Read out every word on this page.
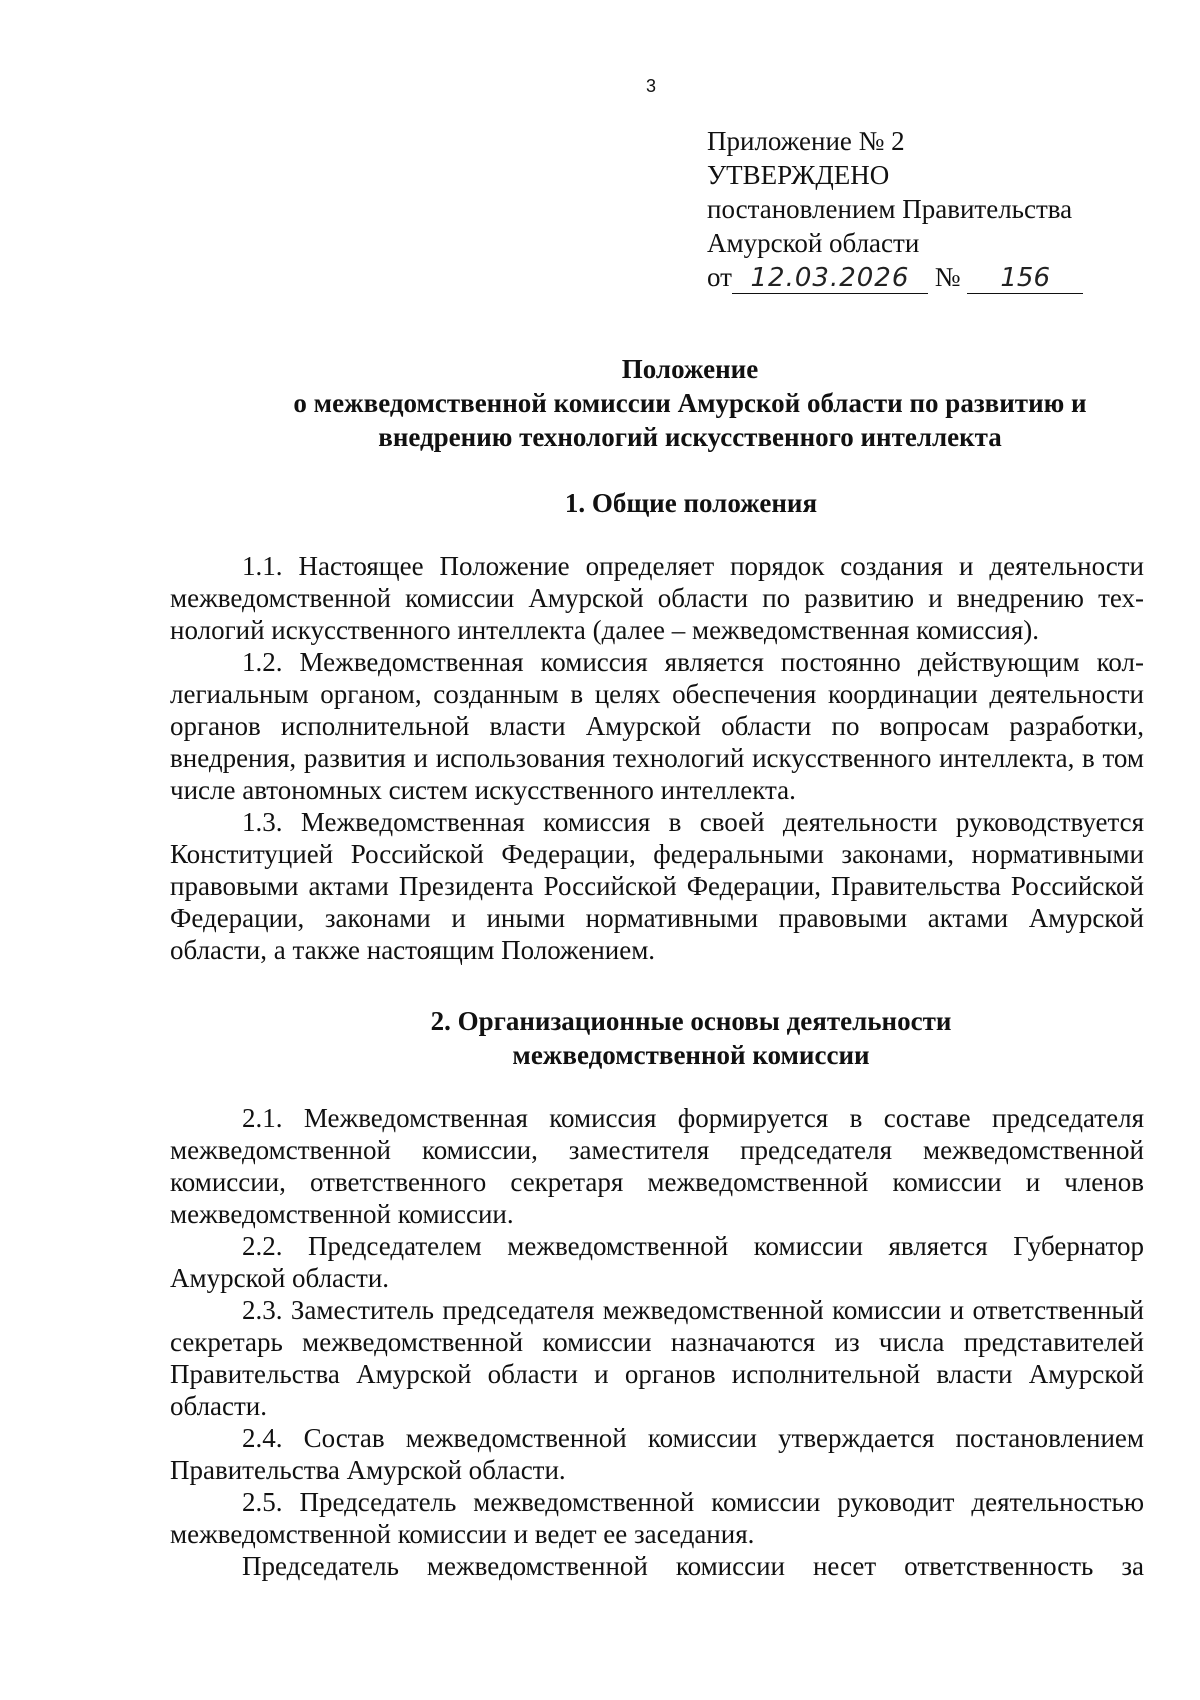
3
Приложение № 2
УТВЕРЖДЕНО
постановлением Правительства
Амурской области
от 12.03.2026 № 156
Положение
о межведомственной комиссии Амурской области по развитию и
внедрению технологий искусственного интеллекта
1. Общие положения

1.1. Настоящее Положение определяет порядок создания и деятельности межведомственной комиссии Амурской области по развитию и внедрению технологий искусственного интеллекта (далее – межведомственная комиссия).

1.2. Межведомственная комиссия является постоянно действующим коллегиальным органом, созданным в целях обеспечения координации деятельности органов исполнительной власти Амурской области по вопросам разработки, внедрения, развития и использования технологий искусственного интеллекта, в том числе автономных систем искусственного интеллекта.

1.3. Межведомственная комиссия в своей деятельности руководствуется Конституцией Российской Федерации, федеральными законами, нормативными правовыми актами Президента Российской Федерации, Правительства Российской Федерации, законами и иными нормативными правовыми актами Амурской области, а также настоящим Положением.

2. Организационные основы деятельности
межведомственной комиссии

2.1. Межведомственная комиссия формируется в составе председателя межведомственной комиссии, заместителя председателя межведомственной комиссии, ответственного секретаря межведомственной комиссии и членов межведомственной комиссии.

2.2. Председателем межведомственной комиссии является Губернатор Амурской области.

2.3. Заместитель председателя межведомственной комиссии и ответственный секретарь межведомственной комиссии назначаются из числа представителей Правительства Амурской области и органов исполнительной власти Амурской области.

2.4. Состав межведомственной комиссии утверждается постановлением Правительства Амурской области.

2.5. Председатель межведомственной комиссии руководит деятельностью межведомственной комиссии и ведет ее заседания.

Председатель межведомственной комиссии несет ответственность за
